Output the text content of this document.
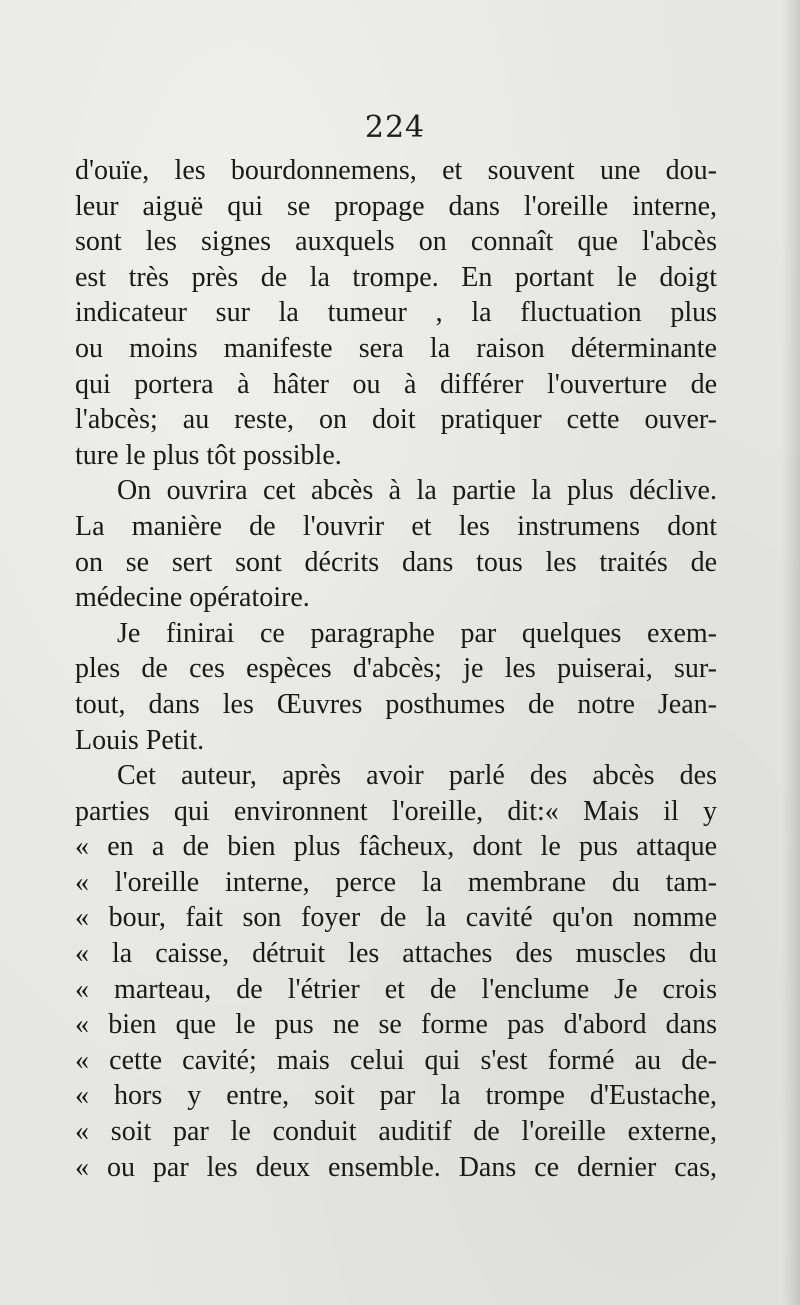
224
d'ouïe, les bourdonnemens, et souvent une dou-
leur aiguë qui se propage dans l'oreille interne,
sont les signes auxquels on connaît que l'abcès
est très près de la trompe. En portant le doigt
indicateur sur la tumeur , la fluctuation plus
ou moins manifeste sera la raison déterminante
qui portera à hâter ou à différer l'ouverture de
l'abcès; au reste, on doit pratiquer cette ouver-
ture le plus tôt possible.
On ouvrira cet abcès à la partie la plus déclive.
La manière de l'ouvrir et les instrumens dont
on se sert sont décrits dans tous les traités de
médecine opératoire.
Je finirai ce paragraphe par quelques exem-
ples de ces espèces d'abcès; je les puiserai, sur-
tout, dans les Œuvres posthumes de notre Jean-
Louis Petit.
Cet auteur, après avoir parlé des abcès des
parties qui environnent l'oreille, dit:« Mais il y
« en a de bien plus fâcheux, dont le pus attaque
« l'oreille interne, perce la membrane du tam-
« bour, fait son foyer de la cavité qu'on nomme
« la caisse, détruit les attaches des muscles du
« marteau, de l'étrier et de l'enclume Je crois
« bien que le pus ne se forme pas d'abord dans
« cette cavité; mais celui qui s'est formé au de-
« hors y entre, soit par la trompe d'Eustache,
« soit par le conduit auditif de l'oreille externe,
« ou par les deux ensemble. Dans ce dernier cas,
